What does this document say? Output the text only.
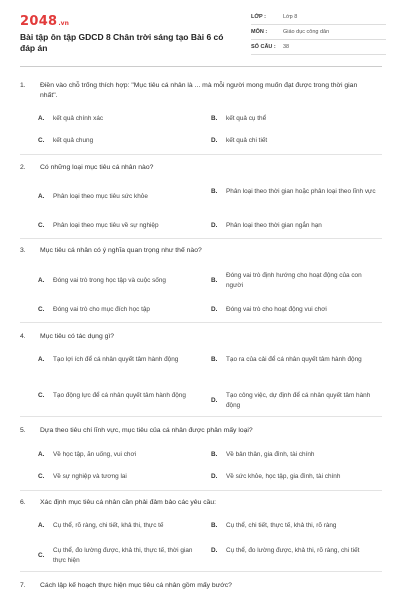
2048 .vn
Bài tập ôn tập GDCD 8 Chân trời sáng tạo Bài 6 có đáp án
LỚP :	Lớp 8
MÔN :	Giáo dục công dân
SỐ CÂU :	38
1.	Điền vào chỗ trống thích hợp: "Mục tiêu cá nhân là ... mà mỗi người mong muốn đạt được trong thời gian nhất".
A.	kết quả chính xác	B.	kết quả cụ thể
C.	kết quả chung	D.	kết quả chi tiết
2.	Có những loại mục tiêu cá nhân nào?
A.	Phân loại theo mục tiêu sức khỏe
B.	Phân loại theo thời gian hoặc phân loại theo lĩnh vực
C.	Phân loại theo mục tiêu về sự nghiệp	D.	Phân loại theo thời gian ngắn hạn
3.	Mục tiêu cá nhân có ý nghĩa quan trọng như thế nào?
A.	Đóng vai trò trong học tập và cuộc sống	B.
Đóng vai trò định hướng cho hoạt động của con người
C.	Đóng vai trò cho mục đích học tập	D.	Đóng vai trò cho hoạt động vui chơi
4.	Mục tiêu có tác dụng gì?
A.	Tạo lợi ích để cá nhân quyết tâm hành động	B.	Tạo ra của cải để cá nhân quyết tâm hành động
C.	Tạo động lực để cá nhân quyết tâm hành động
D.
Tạo công việc, dự định để cá nhân quyết tâm hành động
5.	Dựa theo tiêu chí lĩnh vực, mục tiêu của cá nhân được phân mấy loại?
A.	Về học tập, ăn uống, vui chơi	B.	Về bản thân, gia đình, tài chính
C.	Về sự nghiệp và tương lai	D.	Về sức khỏe, học tập, gia đình, tài chính
6.	Xác định mục tiêu cá nhân cần phải đảm bảo các yêu cầu:
A.	Cụ thể, rõ ràng, chi tiết, khả thi, thực tế	B.	Cụ thể, chi tiết, thực tế, khả thi, rõ ràng
C.
Cụ thể, đo lường được, khả thi, thực tế, thời gian thực hiện
D.	Cụ thể, đo lường được, khả thi, rõ ràng, chi tiết
7.	Cách lập kế hoạch thực hiện mục tiêu cá nhân gồm mấy bước?
